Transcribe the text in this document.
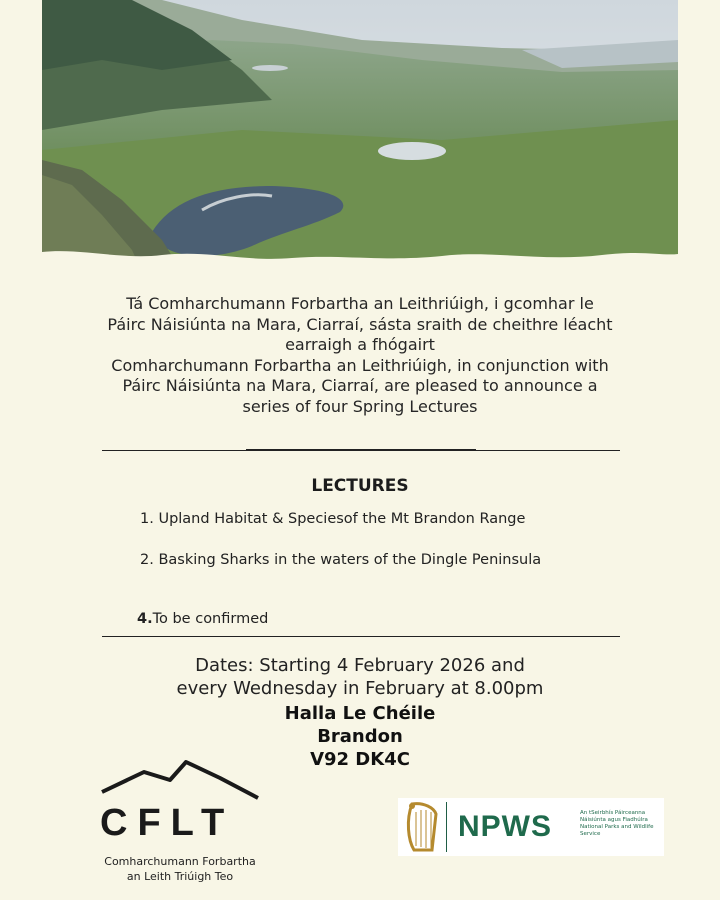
Tá Comharchumann Forbartha an Leithriúigh, i gcomhar le

Páirc Náisiúnta na Mara, Ciarraí, sásta sraith de cheithre léacht

earraigh a fhógairt

Comharchumann Forbartha an Leithriúigh, in conjunction with

Páirc Náisiúnta na Mara, Ciarraí, are pleased to announce a

series of four Spring Lectures

LECTURES
1. Upland Habitat & Speciesof the Mt Brandon Range
2. Basking Sharks in the waters of the Dingle Peninsula
4.To be confirmed

Dates: Starting 4 February 2026 and

every Wednesday in February at 8.00pm

Halla Le Chéile

Brandon

V92 DK4C

CFLT

Comharchumann Forbartha

an Leith Triúigh Teo

NPWS	An tSeirbhís Páirceanna

Náisiúnta agus Fiadhúlra

National Parks and Wildlife

Service
